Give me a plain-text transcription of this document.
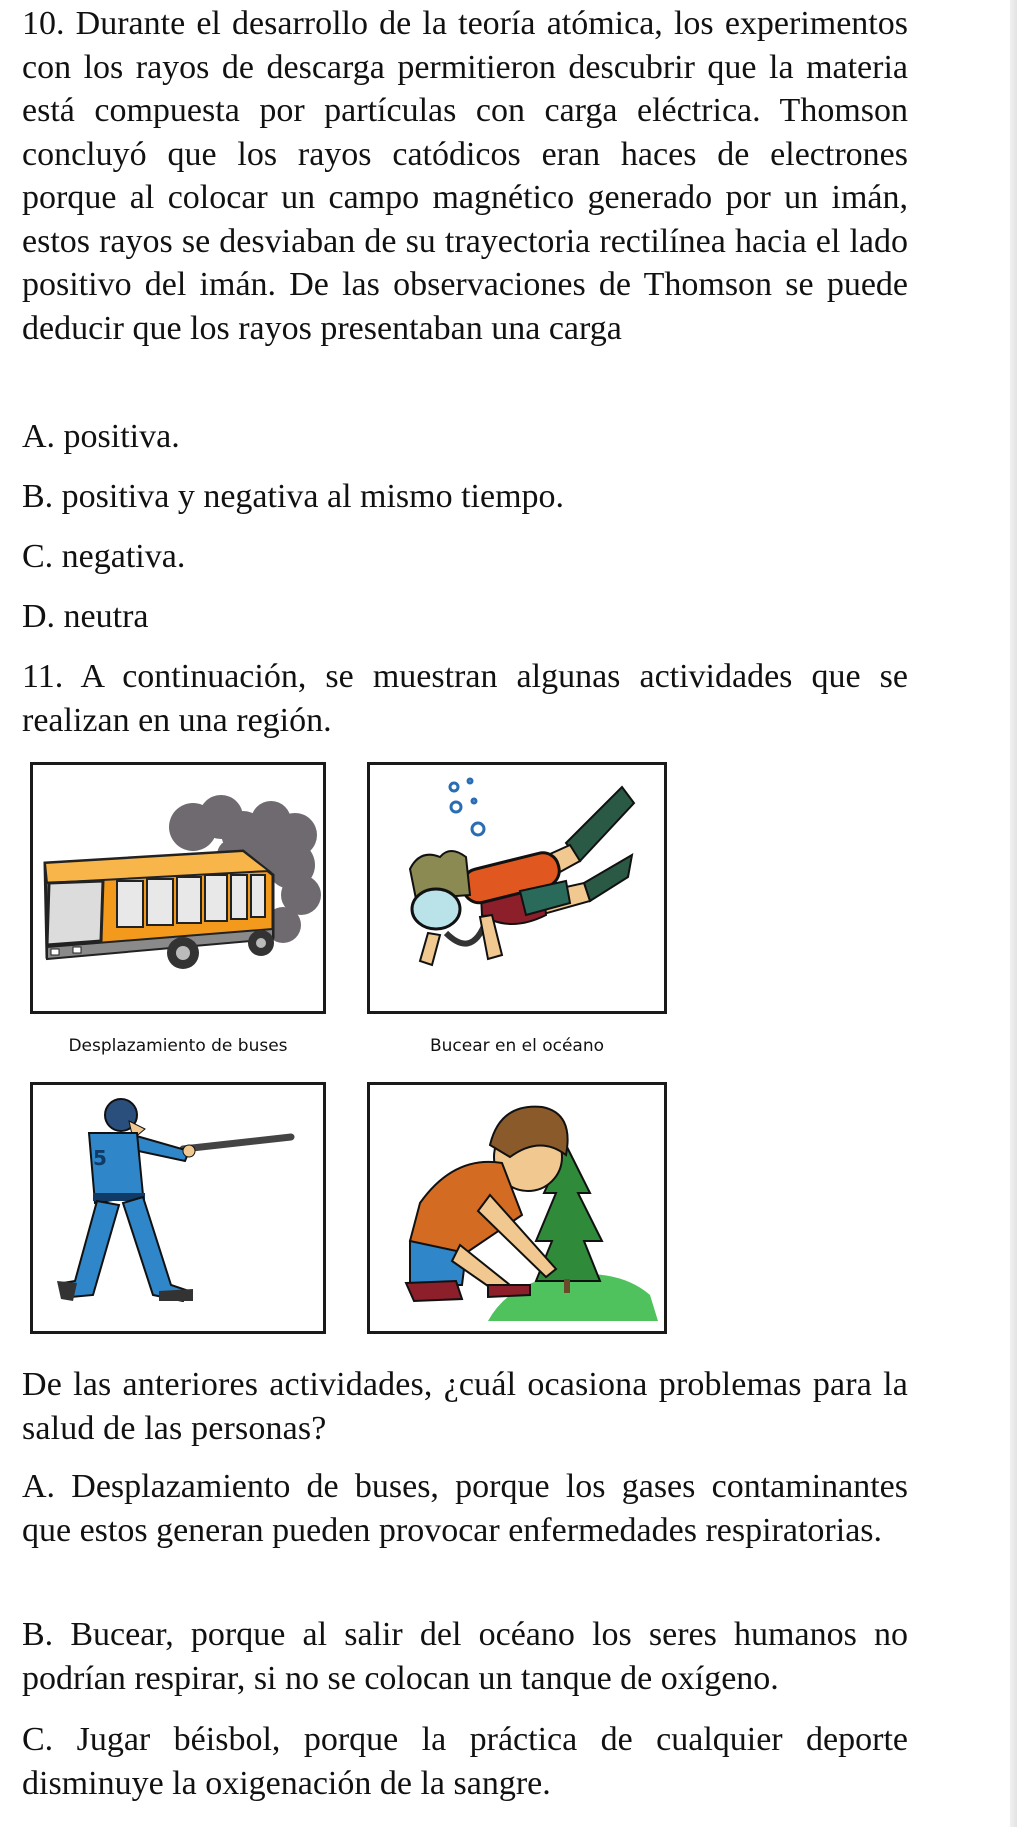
10. Durante el desarrollo de la teoría atómica, los experimentos con los rayos de descarga permitieron descubrir que la materia está compuesta por partículas con carga eléctrica. Thomson concluyó que los rayos catódicos eran haces de electrones porque al colocar un campo magnético generado por un imán, estos rayos se desviaban de su trayectoria rectilínea hacia el lado positivo del imán. De las observaciones de Thomson se puede deducir que los rayos presentaban una carga

A. positiva.

B. positiva y negativa al mismo tiempo.

C. negativa.

D. neutra

11. A continuación, se muestran algunas actividades que se realizan en una región.

Desplazamiento de buses	Bucear en el océano
5

De las anteriores actividades, ¿cuál ocasiona problemas para la salud de las personas?

A. Desplazamiento de buses, porque los gases contaminantes que estos generan pueden provocar enfermedades respiratorias.

B. Bucear, porque al salir del océano los seres humanos no podrían respirar, si no se colocan un tanque de oxígeno.

C. Jugar béisbol, porque la práctica de cualquier deporte disminuye la oxigenación de la sangre.
